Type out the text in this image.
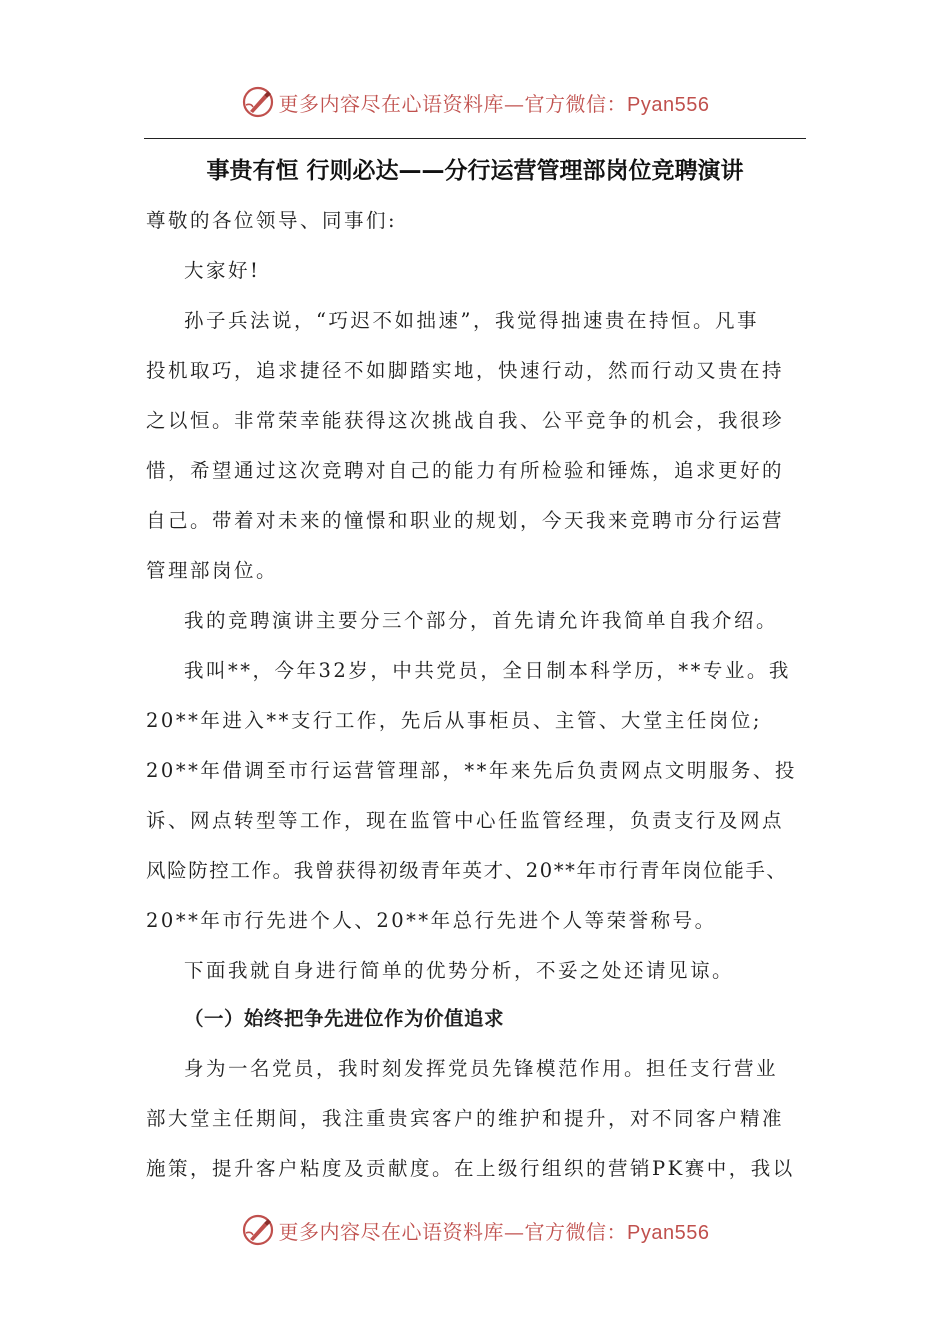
更多内容尽在心语资料库—官方微信：Pyan556
事贵有恒 行则必达——分行运营管理部岗位竞聘演讲
尊敬的各位领导、同事们:
大家好!
孙子兵法说，“巧迟不如拙速”，我觉得拙速贵在持恒。凡事
投机取巧，追求捷径不如脚踏实地，快速行动，然而行动又贵在持
之以恒。非常荣幸能获得这次挑战自我、公平竞争的机会，我很珍
惜，希望通过这次竞聘对自己的能力有所检验和锤炼，追求更好的
自己。带着对未来的憧憬和职业的规划，今天我来竞聘市分行运营
管理部岗位。
我的竞聘演讲主要分三个部分，首先请允许我简单自我介绍。
我叫**，今年32岁，中共党员，全日制本科学历，**专业。我
20**年进入**支行工作，先后从事柜员、主管、大堂主任岗位;
20**年借调至市行运营管理部，**年来先后负责网点文明服务、投
诉、网点转型等工作，现在监管中心任监管经理，负责支行及网点
风险防控工作。我曾获得初级青年英才、20**年市行青年岗位能手、
20**年市行先进个人、20**年总行先进个人等荣誉称号。
下面我就自身进行简单的优势分析，不妥之处还请见谅。
（一）始终把争先进位作为价值追求
身为一名党员，我时刻发挥党员先锋模范作用。担任支行营业
部大堂主任期间，我注重贵宾客户的维护和提升，对不同客户精准
施策，提升客户粘度及贡献度。在上级行组织的营销PK赛中，我以
更多内容尽在心语资料库—官方微信：Pyan556
